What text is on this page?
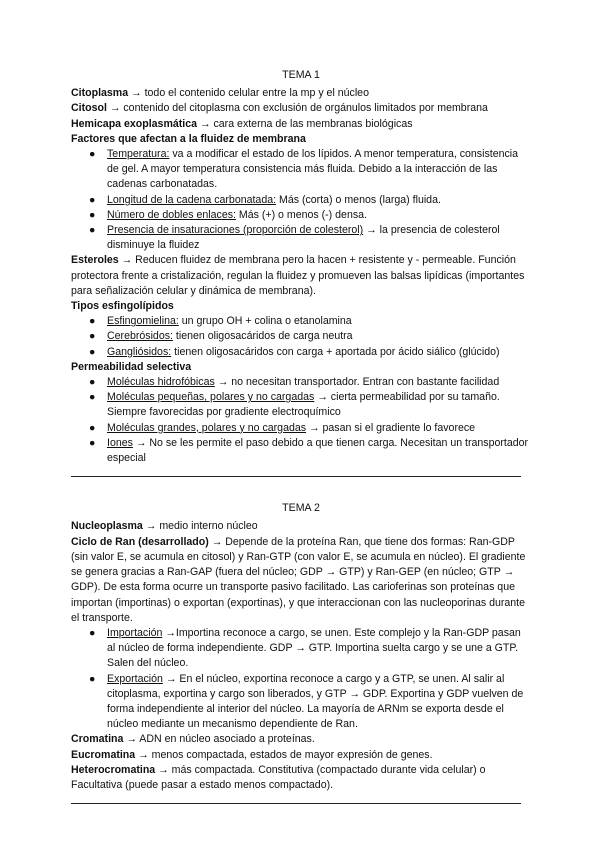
TEMA 1

Citoplasma → todo el contenido celular entre la mp y el núcleo

Citosol → contenido del citoplasma con exclusión de orgánulos limitados por membrana

Hemicapa exoplasmática → cara externa de las membranas biológicas

Factores que afectan a la fluidez de membrana

● Temperatura: va a modificar el estado de los lípidos. A menor temperatura, consistencia de gel. A mayor temperatura consistencia más fluida. Debido a la interacción de las cadenas carbonatadas.
● Longitud de la cadena carbonatada: Más (corta) o menos (larga) fluida.
● Número de dobles enlaces: Más (+) o menos (-) densa.
● Presencia de insaturaciones (proporción de colesterol) → la presencia de colesterol disminuye la fluidez

Esteroles → Reducen fluidez de membrana pero la hacen + resistente y - permeable. Función protectora frente a cristalización, regulan la fluidez y promueven las balsas lipídicas (importantes para señalización celular y dinámica de membrana).

Tipos esfingolípidos

● Esfingomielina: un grupo OH + colina o etanolamina
● Cerebrósidos: tienen oligosacáridos de carga neutra
● Gangliósidos: tienen oligosacáridos con carga + aportada por ácido siálico (glúcido)

Permeabilidad selectiva

● Moléculas hidrofóbicas → no necesitan transportador. Entran con bastante facilidad
● Moléculas pequeñas, polares y no cargadas → cierta permeabilidad por su tamaño. Siempre favorecidas por gradiente electroquímico
● Moléculas grandes, polares y no cargadas → pasan si el gradiente lo favorece
● Iones → No se les permite el paso debido a que tienen carga. Necesitan un transportador especial

TEMA 2

Nucleoplasma → medio interno núcleo

Ciclo de Ran (desarrollado) → Depende de la proteína Ran, que tiene dos formas: Ran-GDP (sin valor E, se acumula en citosol) y Ran-GTP (con valor E, se acumula en núcleo). El gradiente se genera gracias a Ran-GAP (fuera del núcleo; GDP → GTP) y Ran-GEP (en núcleo; GTP → GDP). De esta forma ocurre un transporte pasivo facilitado. Las carioferinas son proteínas que importan (importinas) o exportan (exportinas), y que interaccionan con las nucleoporinas durante el transporte.

● Importación →Importina reconoce a cargo, se unen. Este complejo y la Ran-GDP pasan al núcleo de forma independiente. GDP → GTP. Importina suelta cargo y se une a GTP. Salen del núcleo.
● Exportación → En el núcleo, exportina reconoce a cargo y a GTP, se unen. Al salir al citoplasma, exportina y cargo son liberados, y GTP → GDP. Exportina y GDP vuelven de forma independiente al interior del núcleo. La mayoría de ARNm se exporta desde el núcleo mediante un mecanismo dependiente de Ran.

Cromatina → ADN en núcleo asociado a proteínas.

Eucromatina → menos compactada, estados de mayor expresión de genes.

Heterocromatina → más compactada. Constitutiva (compactado durante vida celular) o Facultativa (puede pasar a estado menos compactado).
